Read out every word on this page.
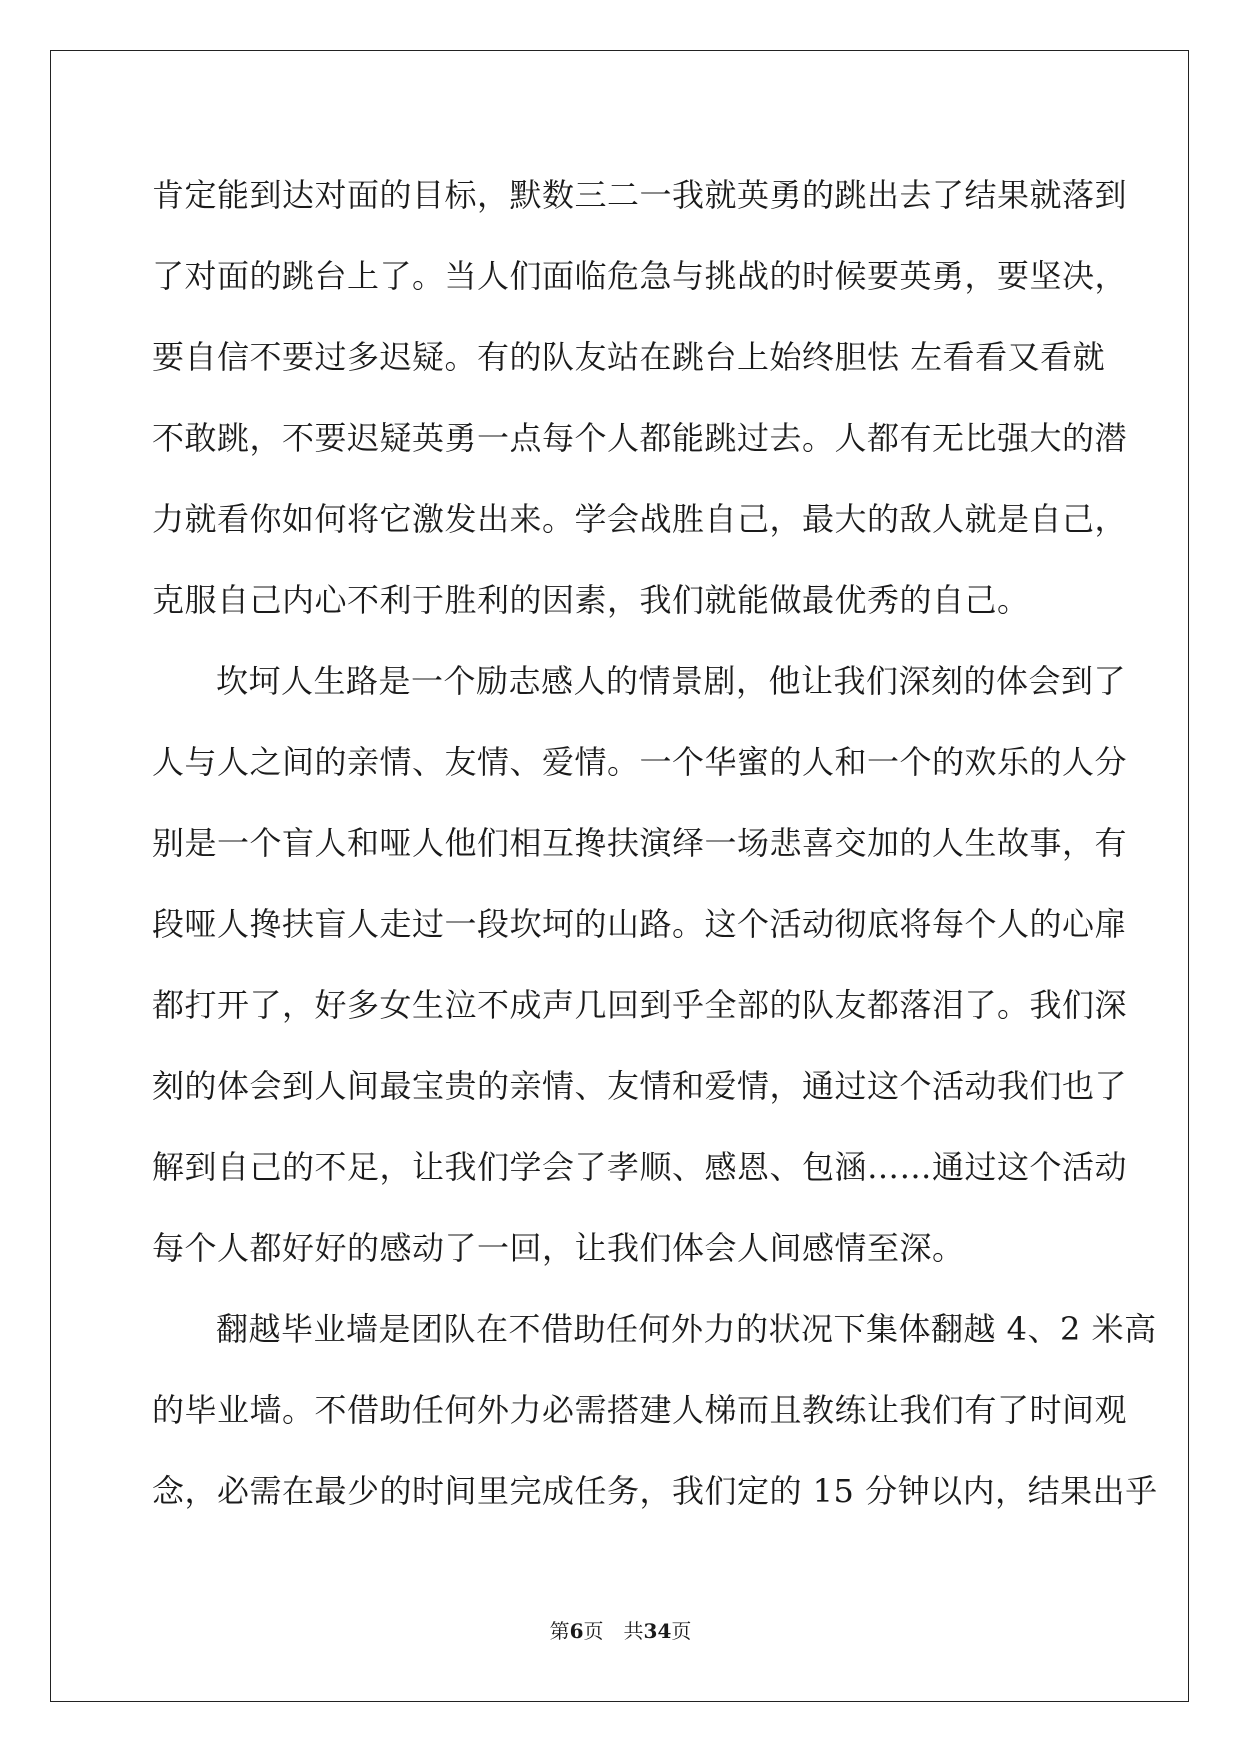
肯定能到达对面的目标，默数三二一我就英勇的跳出去了结果就落到
了对面的跳台上了。当人们面临危急与挑战的时候要英勇，要坚决，
要自信不要过多迟疑。有的队友站在跳台上始终胆怯 左看看又看就
不敢跳，不要迟疑英勇一点每个人都能跳过去。人都有无比强大的潜
力就看你如何将它激发出来。学会战胜自己，最大的敌人就是自己，
克服自己内心不利于胜利的因素，我们就能做最优秀的自己。
坎坷人生路是一个励志感人的情景剧，他让我们深刻的体会到了
人与人之间的亲情、友情、爱情。一个华蜜的人和一个的欢乐的人分
别是一个盲人和哑人他们相互搀扶演绎一场悲喜交加的人生故事，有
段哑人搀扶盲人走过一段坎坷的山路。这个活动彻底将每个人的心扉
都打开了，好多女生泣不成声几回到乎全部的队友都落泪了。我们深
刻的体会到人间最宝贵的亲情、友情和爱情，通过这个活动我们也了
解到自己的不足，让我们学会了孝顺、感恩、包涵……通过这个活动
每个人都好好的感动了一回，让我们体会人间感情至深。
翻越毕业墙是团队在不借助任何外力的状况下集体翻越 4、2 米高
的毕业墙。不借助任何外力必需搭建人梯而且教练让我们有了时间观
念，必需在最少的时间里完成任务，我们定的 15 分钟以内，结果出乎
第6页　共34页
